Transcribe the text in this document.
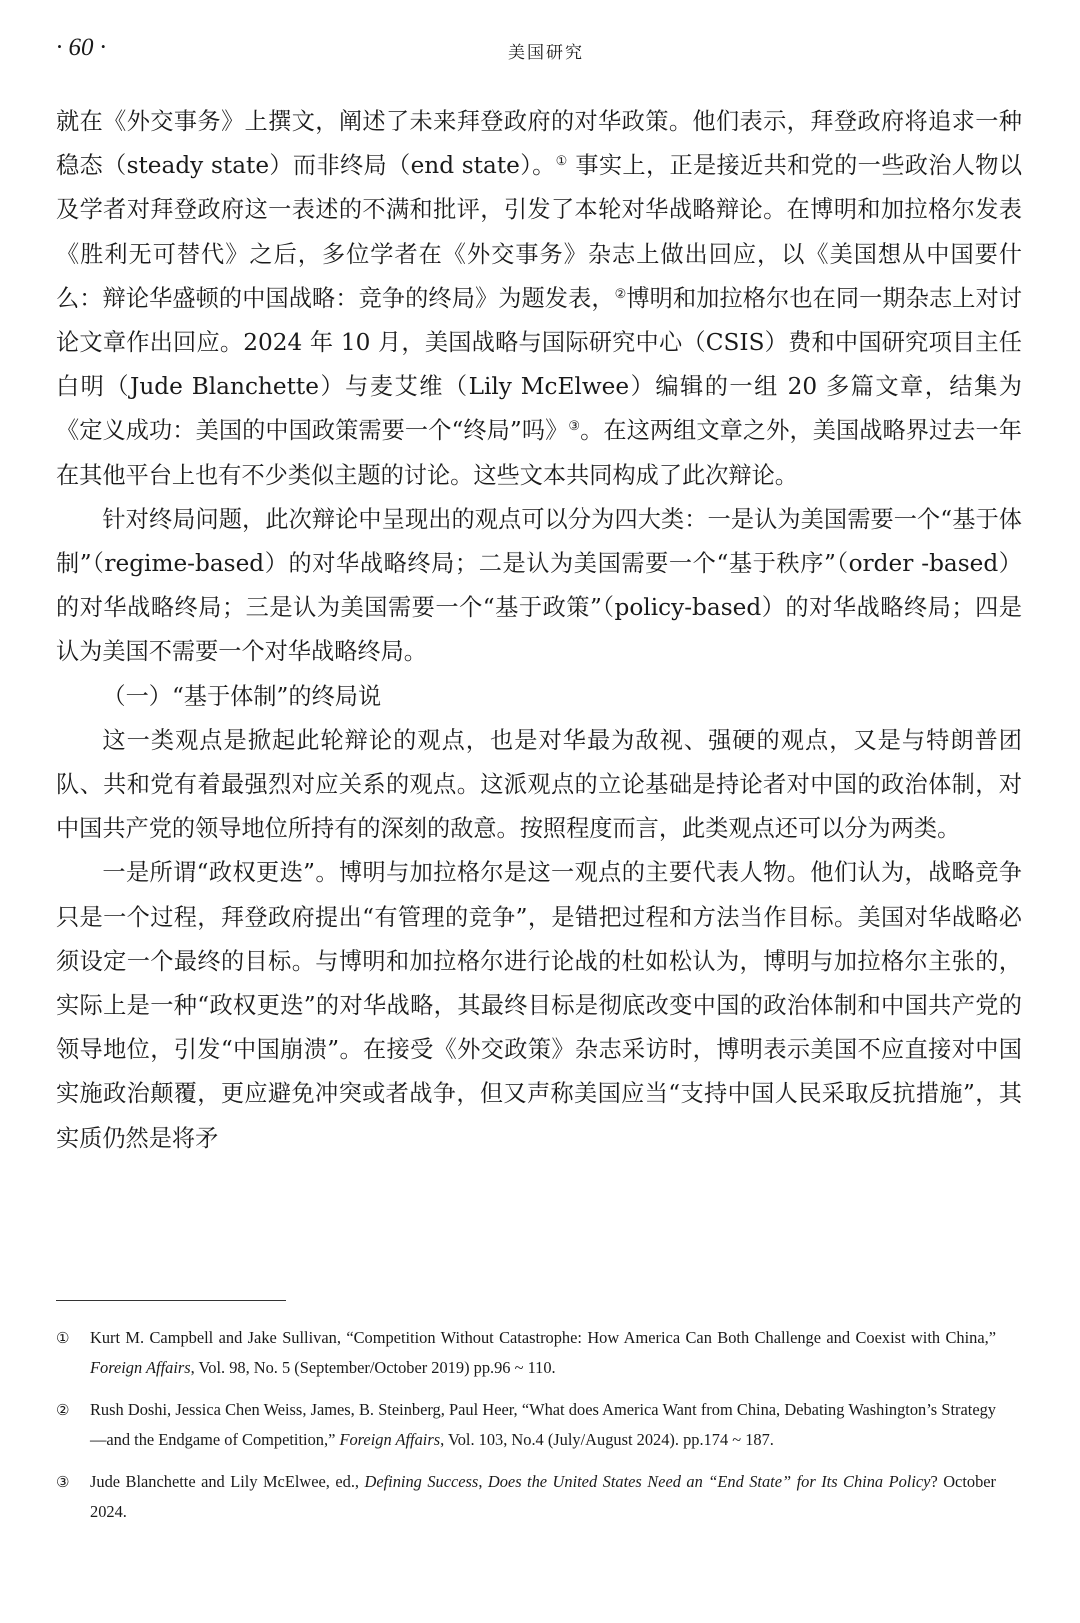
· 60 ·	美国研究

就在《外交事务》上撰文，阐述了未来拜登政府的对华政策。他们表示，拜登政府将追求一种稳态（steady state）而非终局（end state）。① 事实上，正是接近共和党的一些政治人物以及学者对拜登政府这一表述的不满和批评，引发了本轮对华战略辩论。在博明和加拉格尔发表《胜利无可替代》之后，多位学者在《外交事务》杂志上做出回应，以《美国想从中国要什么：辩论华盛顿的中国战略：竞争的终局》为题发表，②博明和加拉格尔也在同一期杂志上对讨论文章作出回应。2024 年 10 月，美国战略与国际研究中心（CSIS）费和中国研究项目主任白明（Jude Blanchette）与麦艾维（Lily McElwee）编辑的一组 20 多篇文章，结集为《定义成功：美国的中国政策需要一个“终局”吗》③。在这两组文章之外，美国战略界过去一年在其他平台上也有不少类似主题的讨论。这些文本共同构成了此次辩论。

针对终局问题，此次辩论中呈现出的观点可以分为四大类：一是认为美国需要一个“基于体制”（regime-based）的对华战略终局；二是认为美国需要一个“基于秩序”（order -based）的对华战略终局；三是认为美国需要一个“基于政策”（policy-based）的对华战略终局；四是认为美国不需要一个对华战略终局。

（一）“基于体制”的终局说

这一类观点是掀起此轮辩论的观点，也是对华最为敌视、强硬的观点，又是与特朗普团队、共和党有着最强烈对应关系的观点。这派观点的立论基础是持论者对中国的政治体制，对中国共产党的领导地位所持有的深刻的敌意。按照程度而言，此类观点还可以分为两类。

一是所谓“政权更迭”。博明与加拉格尔是这一观点的主要代表人物。他们认为，战略竞争只是一个过程，拜登政府提出“有管理的竞争”，是错把过程和方法当作目标。美国对华战略必须设定一个最终的目标。与博明和加拉格尔进行论战的杜如松认为，博明与加拉格尔主张的，实际上是一种“政权更迭”的对华战略，其最终目标是彻底改变中国的政治体制和中国共产党的领导地位，引发“中国崩溃”。在接受《外交政策》杂志采访时，博明表示美国不应直接对中国实施政治颠覆，更应避免冲突或者战争，但又声称美国应当“支持中国人民采取反抗措施”，其实质仍然是将矛

①	Kurt M. Campbell and Jake Sullivan, “Competition Without Catastrophe: How America Can Both Challenge and Coexist with China,” Foreign Affairs, Vol. 98, No. 5 (September/October 2019) pp.96 ~ 110.
②	Rush Doshi, Jessica Chen Weiss, James, B. Steinberg, Paul Heer, “What does America Want from China, Debating Washington’s Strategy—and the Endgame of Competition,” Foreign Affairs, Vol. 103, No.4 (July/August 2024). pp.174 ~ 187.
③	Jude Blanchette and Lily McElwee, ed., Defining Success, Does the United States Need an “End State” for Its China Policy? October 2024.
